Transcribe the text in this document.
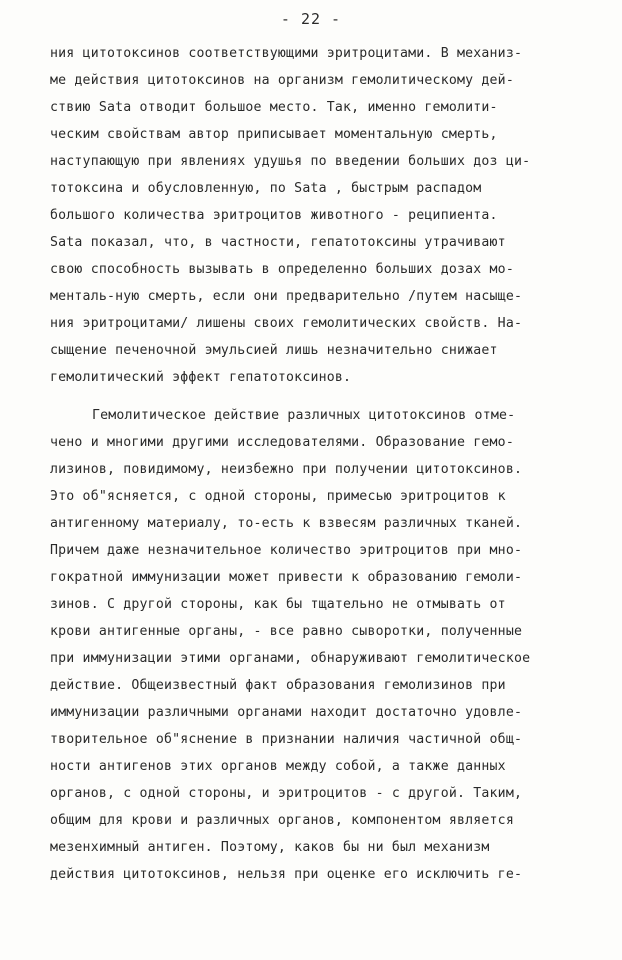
- 22 -
ния цитотоксинов соответствующими эритроцитами. В механиз-
ме действия цитотоксинов на организм гемолитическому дей-
ствию Sata отводит большое место. Так, именно гемолити-
ческим свойствам автор приписывает моментальную смерть,
наступающую при явлениях удушья по введении больших доз ци-
тотоксина и обусловленную, по Sata , быстрым распадом
большого количества эритроцитов животного - реципиента.
Sata показал, что, в частности, гепатотоксины утрачивают
свою способность вызывать в определенно больших дозах мо-
менталь-ную смерть, если они предварительно /путем насыще-
ния эритроцитами/ лишены своих гемолитических свойств. На-
сыщение печеночной эмульсией лишь незначительно снижает
гемолитический эффект гепатотоксинов.
Гемолитическое действие различных цитотоксинов отме-
чено и многими другими исследователями. Образование гемо-
лизинов, повидимому, неизбежно при получении цитотоксинов.
Это об"ясняется, с одной стороны, примесью эритроцитов к
антигенному материалу, то-есть к взвесям различных тканей.
Причем даже незначительное количество эритроцитов при мно-
гократной иммунизации может привести к образованию гемоли-
зинов. С другой стороны, как бы тщательно не отмывать от
крови антигенные органы, - все равно сыворотки, полученные
при иммунизации этими органами, обнаруживают гемолитическое
действие. Общеизвестный факт образования гемолизинов при
иммунизации различными органами находит достаточно удовле-
творительное об"яснение в признании наличия частичной общ-
ности антигенов этих органов между собой, а также данных
органов, с одной стороны, и эритроцитов - с другой. Таким,
общим для крови и различных органов, компонентом является
мезенхимный антиген. Поэтому, каков бы ни был механизм
действия цитотоксинов, нельзя при оценке его исключить ге-
